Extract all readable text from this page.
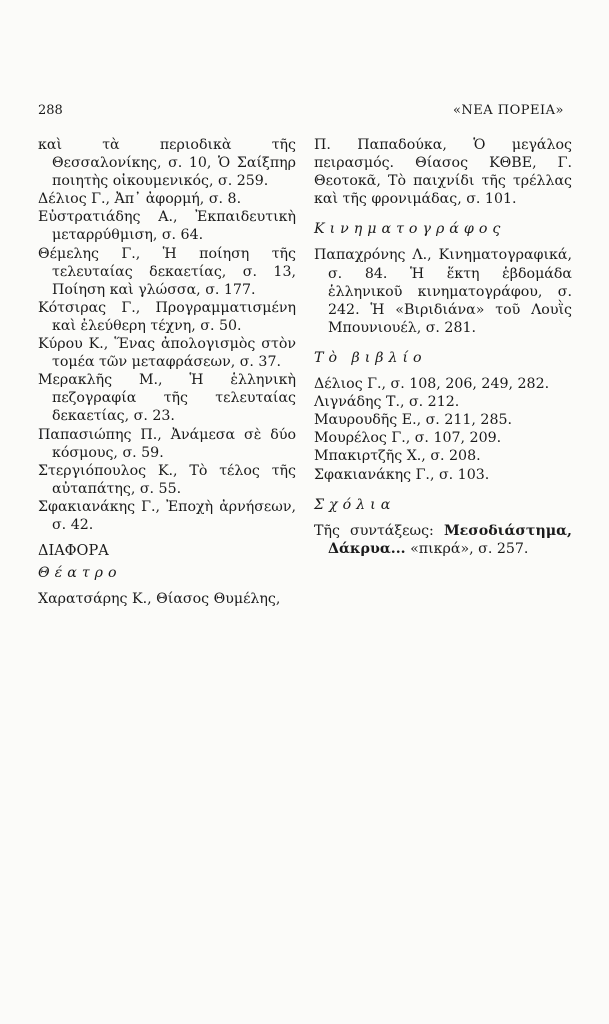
288	«ΝΕΑ ΠΟΡΕΙΑ»

καὶ τὰ περιοδικὰ τῆς Θεσσαλονίκης, σ. 10, Ὁ Σαίξπηρ ποιητὴς οἰκουμενικός, σ. 259.

Δέλιος Γ., Ἀπ᾽ ἀφορμή, σ. 8.

Εὐστρατιάδης Α., Ἐκπαιδευτικὴ μεταρρύθμιση, σ. 64.

Θέμελης Γ., Ἡ ποίηση τῆς τελευταίας δεκαετίας, σ. 13, Ποίηση καὶ γλώσσα, σ. 177.

Κότσιρας Γ., Προγραμματισμένη καὶ ἐλεύθερη τέχνη, σ. 50.

Κύρου Κ., Ἕνας ἀπολογισμὸς στὸν τομέα τῶν μεταφράσεων, σ. 37.

Μερακλῆς Μ., Ἡ ἑλληνικὴ πεζογραφία τῆς τελευταίας δεκαετίας, σ. 23.

Παπασιώπης Π., Ἀνάμεσα σὲ δύο κόσμους, σ. 59.

Στεργιόπουλος Κ., Τὸ τέλος τῆς αὐταπάτης, σ. 55.

Σφακιανάκης Γ., Ἐποχὴ ἀρνήσεων, σ. 42.

ΔΙΑΦΟΡΑ
Θέατρο

Χαρατσάρης Κ., Θίασος Θυμέλης,

Π. Παπαδούκα, Ὁ μεγάλος πειρασμός. Θίασος ΚΘΒΕ, Γ. Θεοτοκᾶ, Τὸ παιχνίδι τῆς τρέλλας καὶ τῆς φρονιμάδας, σ. 101.

Κινηματογράφος

Παπαχρόνης Λ., Κινηματογραφικά, σ. 84. Ἡ ἕκτη ἑβδομάδα ἑλληνικοῦ κινηματογράφου, σ. 242. Ἡ «Βιριδιάνα» τοῦ Λουῒς Μπουνιουέλ, σ. 281.

Τὸ βιβλίο

Δέλιος Γ., σ. 108, 206, 249, 282.

Λιγνάδης Τ., σ. 212.

Μαυρουδῆς Ε., σ. 211, 285.

Μουρέλος Γ., σ. 107, 209.

Μπακιρτζῆς Χ., σ. 208.

Σφακιανάκης Γ., σ. 103.

Σχόλια

Τῆς συντάξεως: Μεσοδιάστημα, Δάκρυα... «πικρά», σ. 257.
